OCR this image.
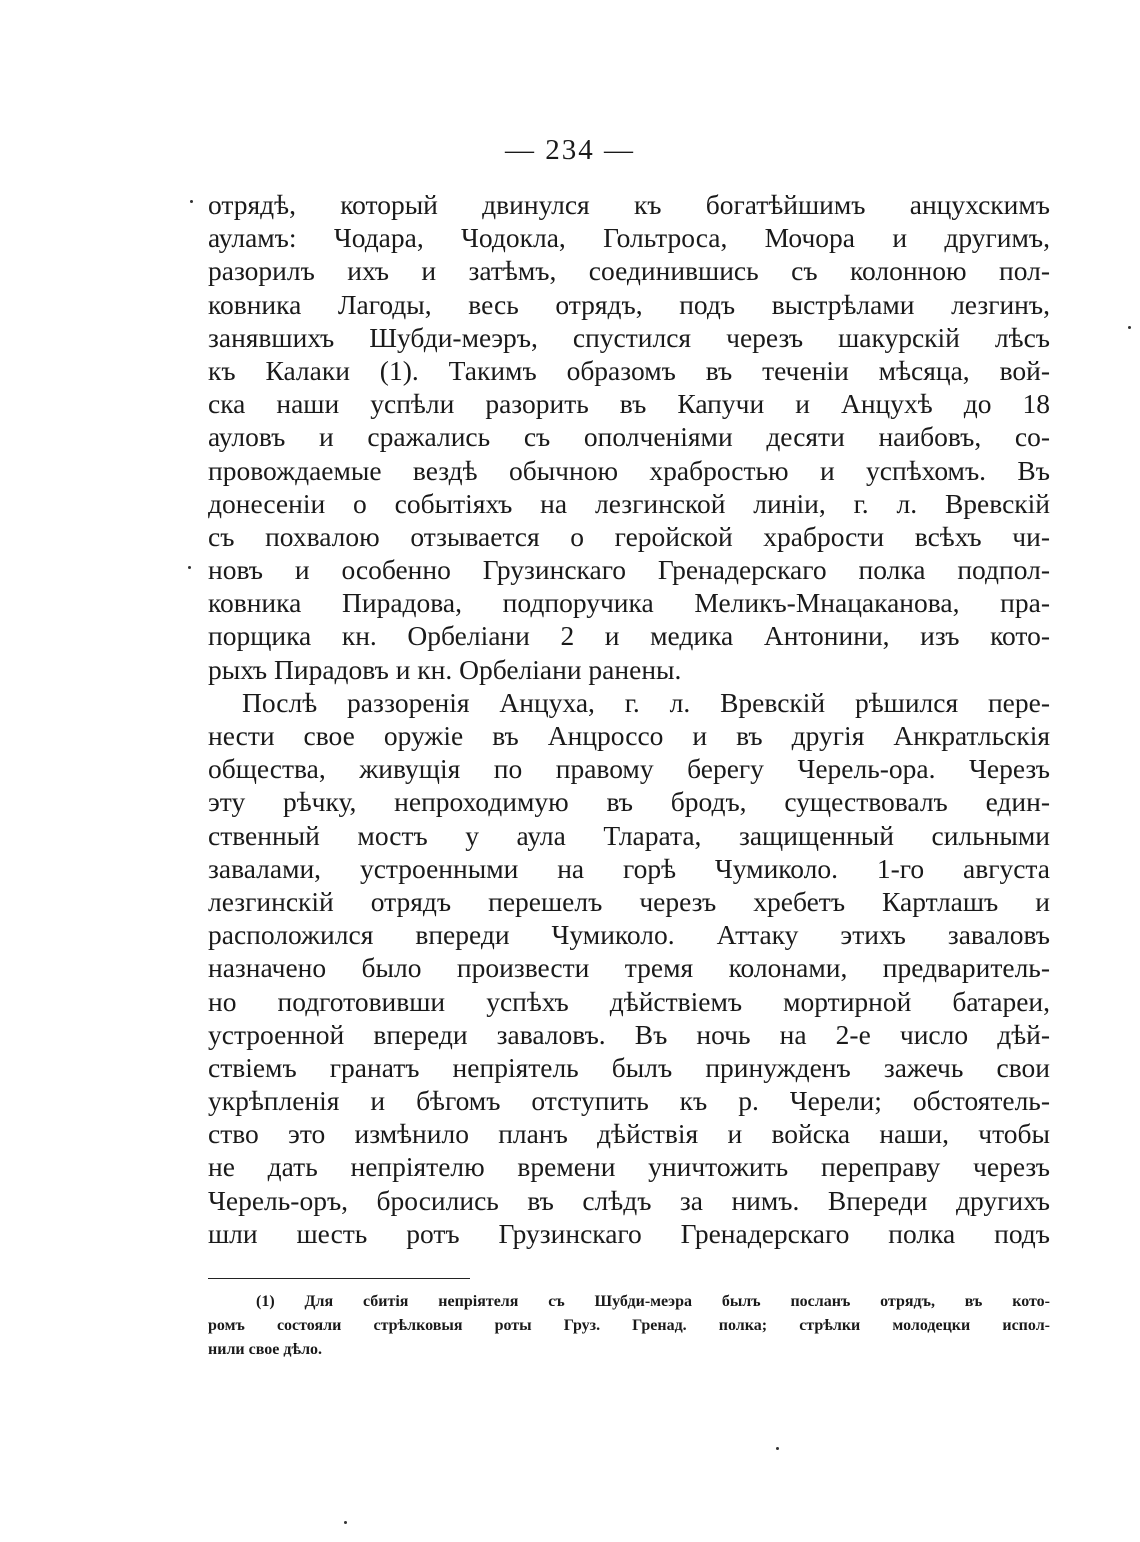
— 234 —
отрядѣ, который двинулся къ богатѣйшимъ анцухскимъ
ауламъ: Чодара, Чодокла, Гольтроса, Мочора и другимъ,
разорилъ ихъ и затѣмъ, соединившись съ колонною пол-
ковника Лагоды, весь отрядъ, подъ выстрѣлами лезгинъ,
занявшихъ Шубди-меэръ, спустился черезъ шакурскій лѣсъ
къ Калаки (1). Такимъ образомъ въ теченіи мѣсяца, вой-
ска наши успѣли разорить въ Капучи и Анцухѣ до 18
ауловъ и сражались съ ополченіями десяти наибовъ, со-
провождаемые вездѣ обычною храбростью и успѣхомъ. Въ
донесеніи о событіяхъ на лезгинской линіи, г. л. Вревскій
съ похвалою отзывается о геройской храбрости всѣхъ чи-
новъ и особенно Грузинскаго Гренадерскаго полка подпол-
ковника Пирадова, подпоручика Меликъ-Мнацаканова, пра-
порщика кн. Орбеліани 2 и медика Антонини, изъ кото-
рыхъ Пирадовъ и кн. Орбеліани ранены.
Послѣ раззоренія Анцуха, г. л. Вревскій рѣшился пере-
нести свое оружіе въ Анцроссо и въ другія Анкратльскія
общества, живущія по правому берегу Черель-ора. Черезъ
эту рѣчку, непроходимую въ бродъ, существовалъ един-
ственный мостъ у аула Тларата, защищенный сильными
завалами, устроенными на горѣ Чумиколо. 1-го августа
лезгинскій отрядъ перешелъ черезъ хребетъ Картлашъ и
расположился впереди Чумиколо. Аттаку этихъ заваловъ
назначено было произвести тремя колонами, предваритель-
но подготовивши успѣхъ дѣйствіемъ мортирной батареи,
устроенной впереди заваловъ. Въ ночь на 2-е число дѣй-
ствіемъ гранатъ непріятель былъ принужденъ зажечь свои
укрѣпленія и бѣгомъ отступить къ р. Черели; обстоятель-
ство это измѣнило планъ дѣйствія и войска наши, чтобы
не дать непріятелю времени уничтожить переправу черезъ
Черель-оръ, бросились въ слѣдъ за нимъ. Впереди другихъ
шли шесть ротъ Грузинскаго Гренадерскаго полка подъ
(1) Для сбитія непріятеля съ Шубди-меэра былъ посланъ отрядъ, въ кото-
ромъ состояли стрѣлковыя роты Груз. Гренад. полка; стрѣлки молодецки испол-
нили свое дѣло.
